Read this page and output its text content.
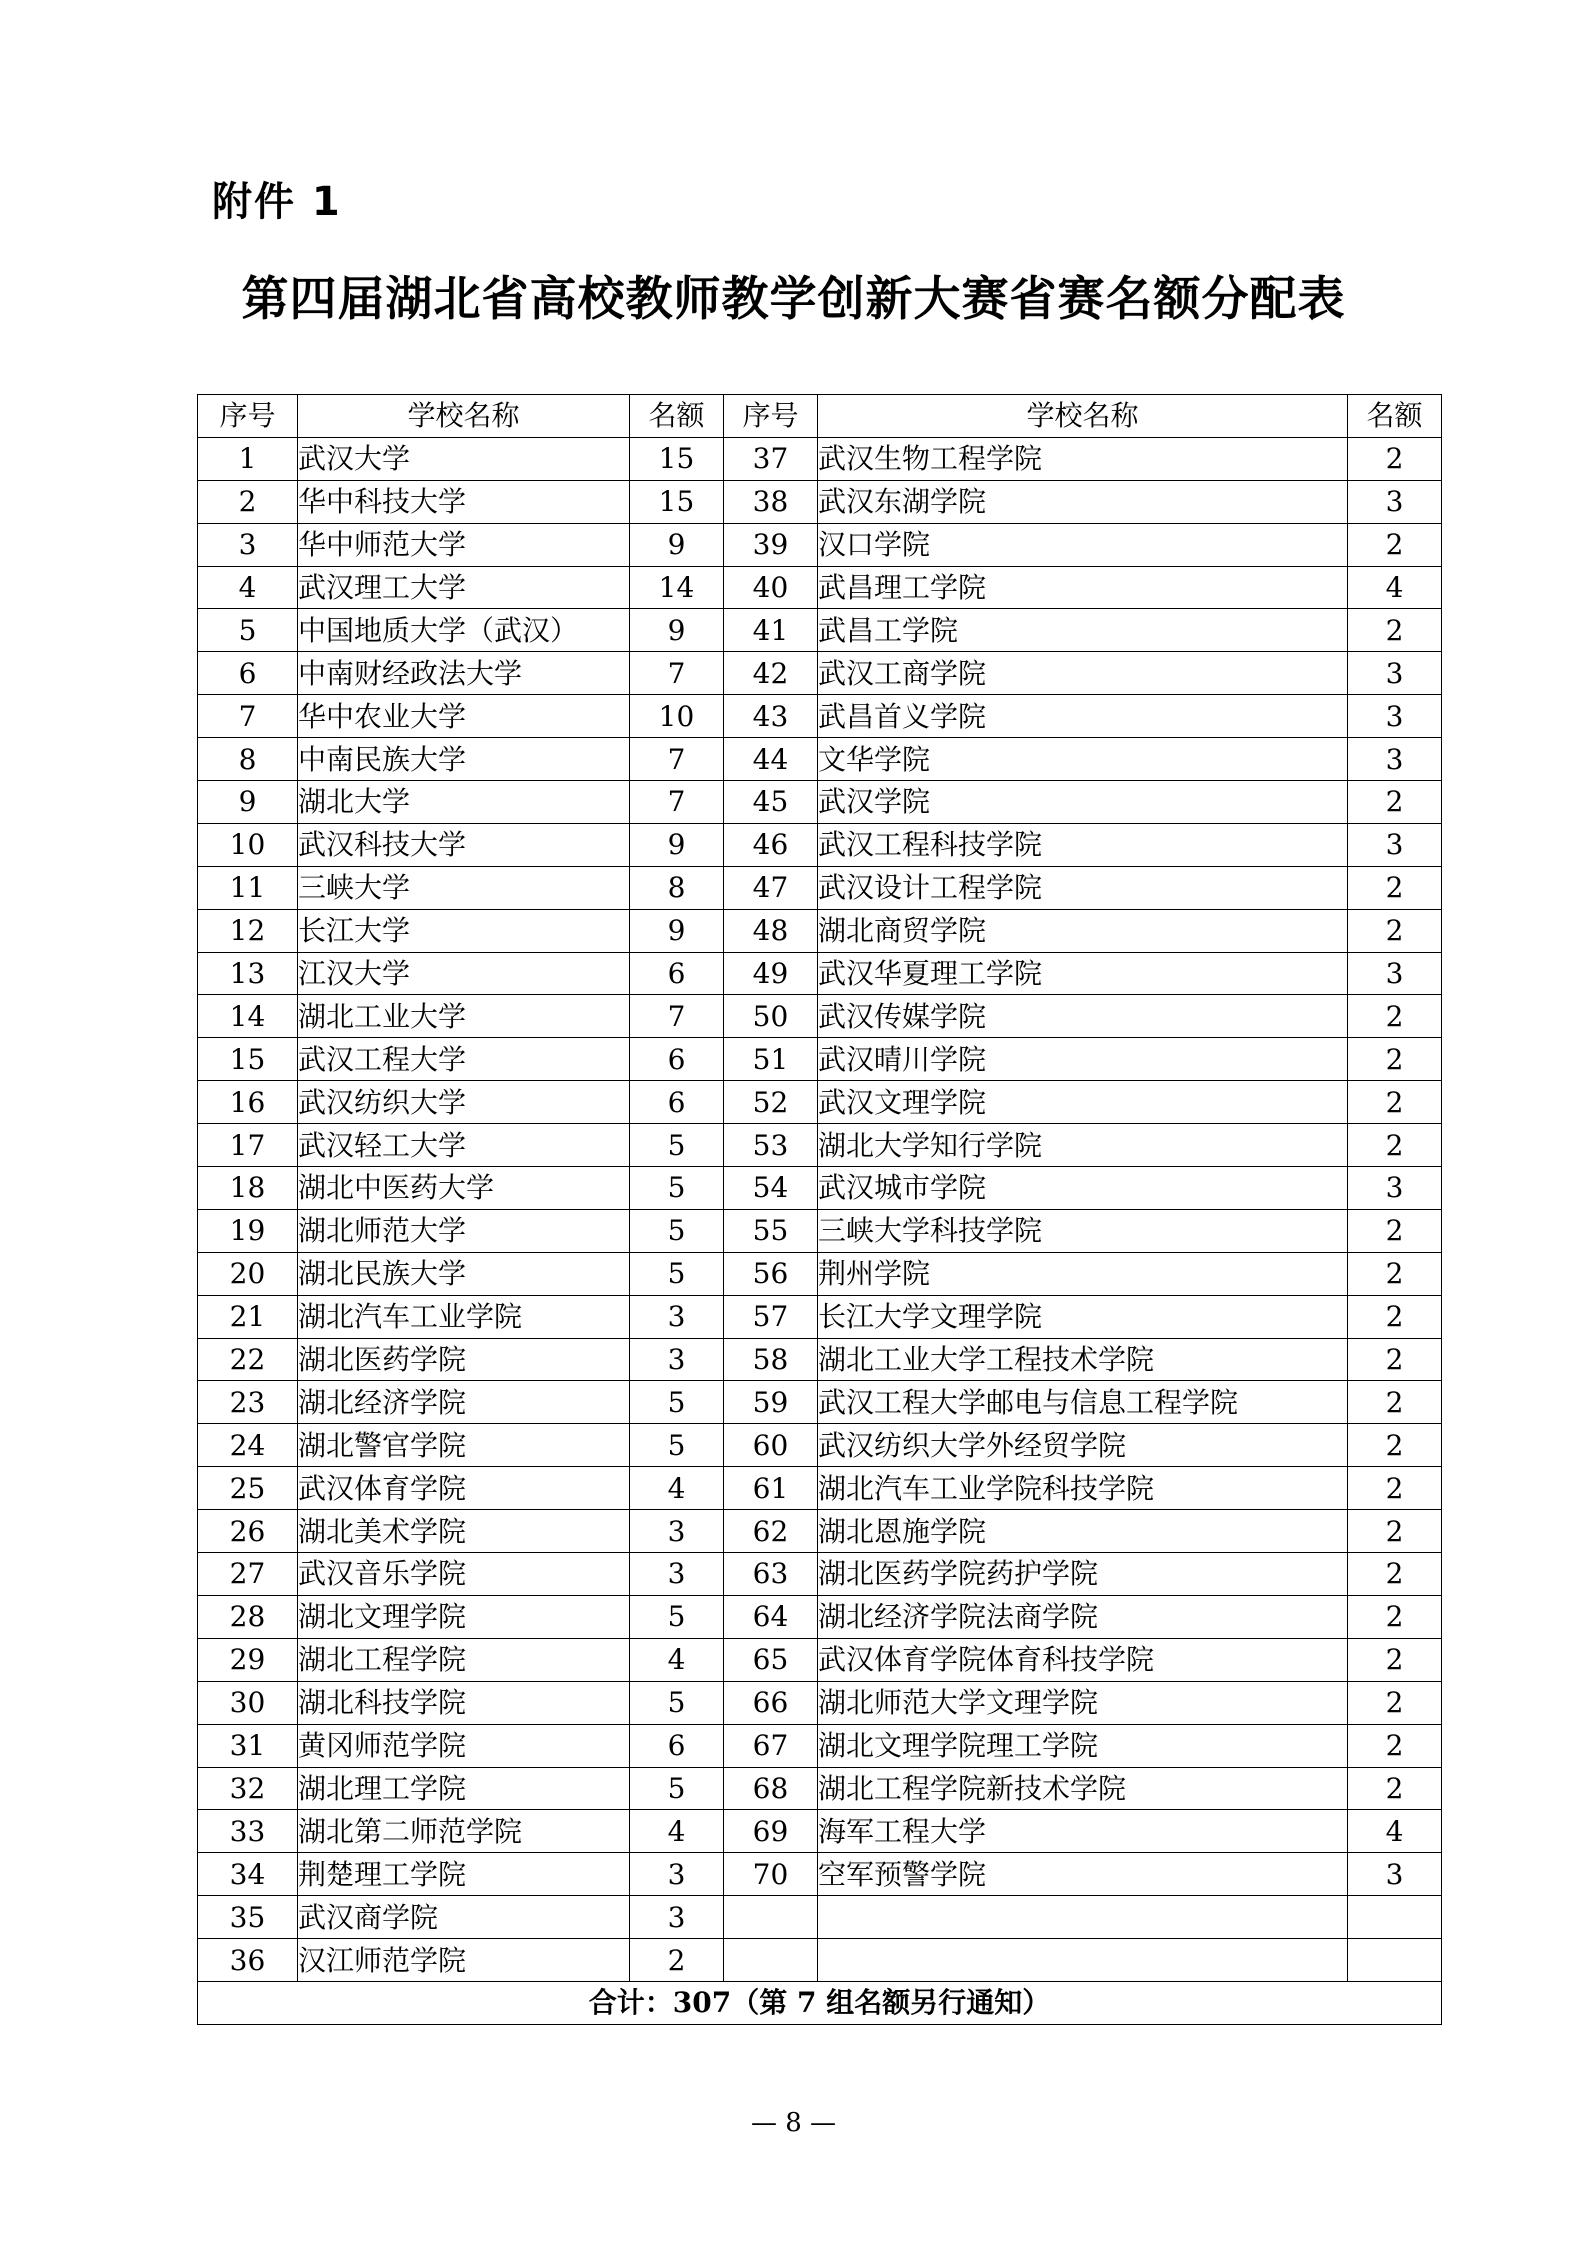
附件 1
第四届湖北省高校教师教学创新大赛省赛名额分配表
序号	学校名称	名额	序号	学校名称	名额
1	武汉大学	15	37	武汉生物工程学院	2
2	华中科技大学	15	38	武汉东湖学院	3
3	华中师范大学	9	39	汉口学院	2
4	武汉理工大学	14	40	武昌理工学院	4
5	中国地质大学（武汉）	9	41	武昌工学院	2
6	中南财经政法大学	7	42	武汉工商学院	3
7	华中农业大学	10	43	武昌首义学院	3
8	中南民族大学	7	44	文华学院	3
9	湖北大学	7	45	武汉学院	2
10	武汉科技大学	9	46	武汉工程科技学院	3
11	三峡大学	8	47	武汉设计工程学院	2
12	长江大学	9	48	湖北商贸学院	2
13	江汉大学	6	49	武汉华夏理工学院	3
14	湖北工业大学	7	50	武汉传媒学院	2
15	武汉工程大学	6	51	武汉晴川学院	2
16	武汉纺织大学	6	52	武汉文理学院	2
17	武汉轻工大学	5	53	湖北大学知行学院	2
18	湖北中医药大学	5	54	武汉城市学院	3
19	湖北师范大学	5	55	三峡大学科技学院	2
20	湖北民族大学	5	56	荆州学院	2
21	湖北汽车工业学院	3	57	长江大学文理学院	2
22	湖北医药学院	3	58	湖北工业大学工程技术学院	2
23	湖北经济学院	5	59	武汉工程大学邮电与信息工程学院	2
24	湖北警官学院	5	60	武汉纺织大学外经贸学院	2
25	武汉体育学院	4	61	湖北汽车工业学院科技学院	2
26	湖北美术学院	3	62	湖北恩施学院	2
27	武汉音乐学院	3	63	湖北医药学院药护学院	2
28	湖北文理学院	5	64	湖北经济学院法商学院	2
29	湖北工程学院	4	65	武汉体育学院体育科技学院	2
30	湖北科技学院	5	66	湖北师范大学文理学院	2
31	黄冈师范学院	6	67	湖北文理学院理工学院	2
32	湖北理工学院	5	68	湖北工程学院新技术学院	2
33	湖北第二师范学院	4	69	海军工程大学	4
34	荆楚理工学院	3	70	空军预警学院	3
35	武汉商学院	3			
36	汉江师范学院	2			
合计：307（第 7 组名额另行通知）					
— 8 —
